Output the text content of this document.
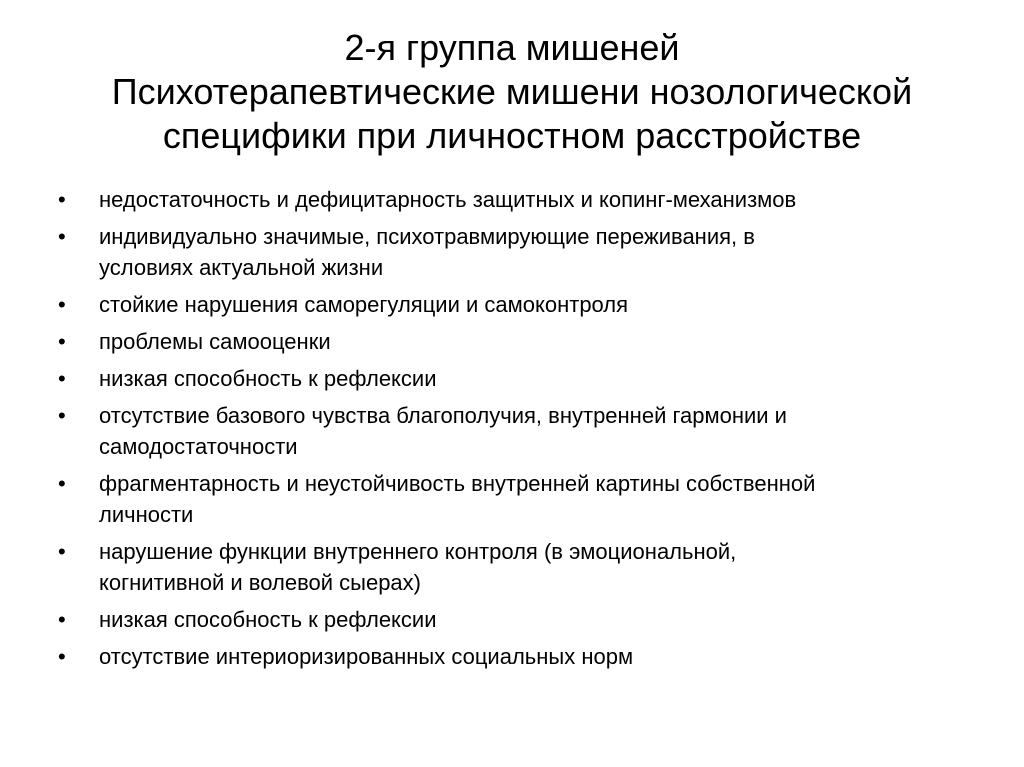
2-я группа мишеней
Психотерапевтические мишени нозологической
специфики при личностном расстройстве
• недостаточность и дефицитарность защитных и копинг-механизмов
• индивидуально значимые, психотравмирующие переживания, в
условиях актуальной жизни
• стойкие нарушения саморегуляции и самоконтроля
• проблемы самооценки
• низкая способность к рефлексии
• отсутствие базового чувства благополучия, внутренней гармонии и
самодостаточности
• фрагментарность и неустойчивость внутренней картины собственной
личности
• нарушение функции внутреннего контроля (в эмоциональной,
когнитивной и волевой сыерах)
• низкая способность к рефлексии
• отсутствие интериоризированных социальных норм
